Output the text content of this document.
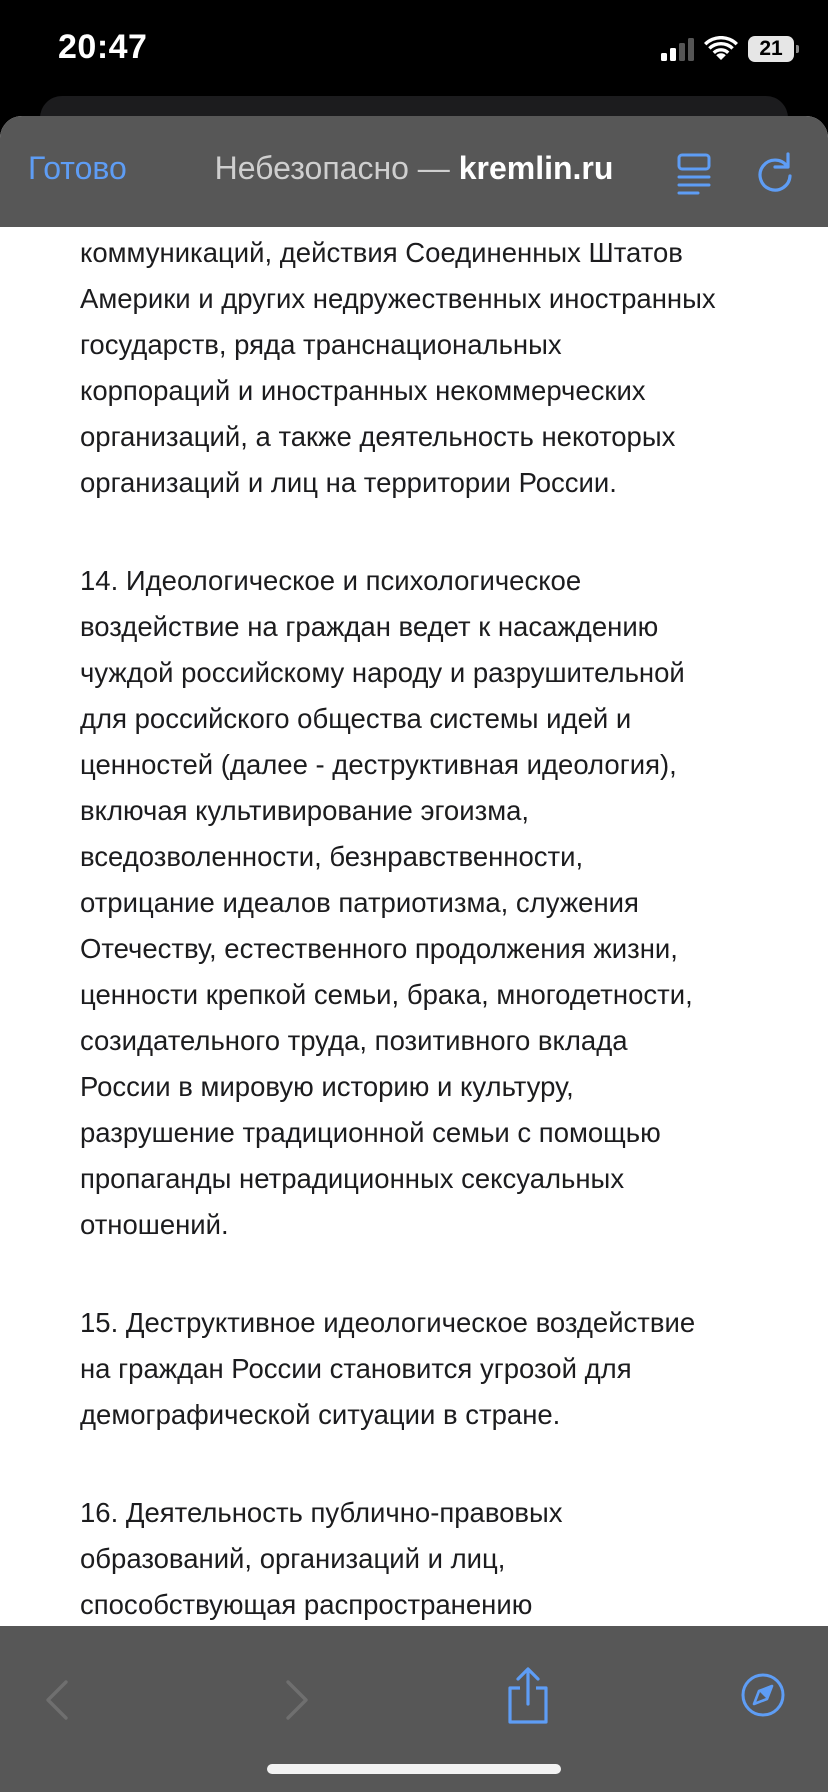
20:47	21
Готово	Небезопасно — kremlin.ru

коммуникаций, действия Соединенных Штатов
Америки и других недружественных иностранных
государств, ряда транснациональных
корпораций и иностранных некоммерческих
организаций, а также деятельность некоторых
организаций и лиц на территории России.

14. Идеологическое и психологическое
воздействие на граждан ведет к насаждению
чуждой российскому народу и разрушительной
для российского общества системы идей и
ценностей (далее - деструктивная идеология),
включая культивирование эгоизма,
вседозволенности, безнравственности,
отрицание идеалов патриотизма, служения
Отечеству, естественного продолжения жизни,
ценности крепкой семьи, брака, многодетности,
созидательного труда, позитивного вклада
России в мировую историю и культуру,
разрушение традиционной семьи с помощью
пропаганды нетрадиционных сексуальных
отношений.

15. Деструктивное идеологическое воздействие
на граждан России становится угрозой для
демографической ситуации в стране.

16. Деятельность публично-правовых
образований, организаций и лиц,
способствующая распространению
